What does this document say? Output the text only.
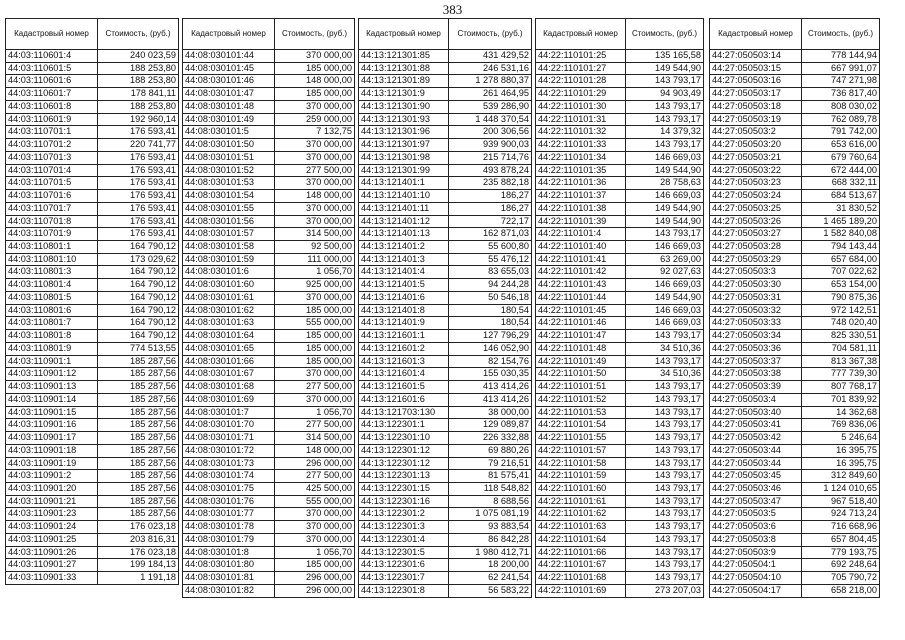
383
Кадастровый номер	Стоимость, (руб.)
44:03:110601:4	240 023,59
44:03:110601:5	188 253,80
44:03:110601:6	188 253,80
44:03:110601:7	178 841,11
44:03:110601:8	188 253,80
44:03:110601:9	192 960,14
44:03:110701:1	176 593,41
44:03:110701:2	220 741,77
44:03:110701:3	176 593,41
44:03:110701:4	176 593,41
44:03:110701:5	176 593,41
44:03:110701:6	176 593,41
44:03:110701:7	176 593,41
44:03:110701:8	176 593,41
44:03:110701:9	176 593,41
44:03:110801:1	164 790,12
44:03:110801:10	173 029,62
44:03:110801:3	164 790,12
44:03:110801:4	164 790,12
44:03:110801:5	164 790,12
44:03:110801:6	164 790,12
44:03:110801:7	164 790,12
44:03:110801:8	164 790,12
44:03:110801:9	774 513,55
44:03:110901:1	185 287,56
44:03:110901:12	185 287,56
44:03:110901:13	185 287,56
44:03:110901:14	185 287,56
44:03:110901:15	185 287,56
44:03:110901:16	185 287,56
44:03:110901:17	185 287,56
44:03:110901:18	185 287,56
44:03:110901:19	185 287,56
44:03:110901:2	185 287,56
44:03:110901:20	185 287,56
44:03:110901:21	185 287,56
44:03:110901:23	185 287,56
44:03:110901:24	176 023,18
44:03:110901:25	203 816,31
44:03:110901:26	176 023,18
44:03:110901:27	199 184,13
44:03:110901:33	1 191,18
Кадастровый номер	Стоимость, (руб.)
44:08:030101:44	370 000,00
44:08:030101:45	185 000,00
44:08:030101:46	148 000,00
44:08:030101:47	185 000,00
44:08:030101:48	370 000,00
44:08:030101:49	259 000,00
44:08:030101:5	7 132,75
44:08:030101:50	370 000,00
44:08:030101:51	370 000,00
44:08:030101:52	277 500,00
44:08:030101:53	370 000,00
44:08:030101:54	148 000,00
44:08:030101:55	370 000,00
44:08:030101:56	370 000,00
44:08:030101:57	314 500,00
44:08:030101:58	92 500,00
44:08:030101:59	111 000,00
44:08:030101:6	1 056,70
44:08:030101:60	925 000,00
44:08:030101:61	370 000,00
44:08:030101:62	185 000,00
44:08:030101:63	555 000,00
44:08:030101:64	185 000,00
44:08:030101:65	185 000,00
44:08:030101:66	185 000,00
44:08:030101:67	370 000,00
44:08:030101:68	277 500,00
44:08:030101:69	370 000,00
44:08:030101:7	1 056,70
44:08:030101:70	277 500,00
44:08:030101:71	314 500,00
44:08:030101:72	148 000,00
44:08:030101:73	296 000,00
44:08:030101:74	277 500,00
44:08:030101:75	425 500,00
44:08:030101:76	555 000,00
44:08:030101:77	370 000,00
44:08:030101:78	370 000,00
44:08:030101:79	370 000,00
44:08:030101:8	1 056,70
44:08:030101:80	185 000,00
44:08:030101:81	296 000,00
44:08:030101:82	296 000,00
Кадастровый номер	Стоимость, (руб.)
44:13:121301:85	431 429,52
44:13:121301:88	246 531,16
44:13:121301:89	1 278 880,37
44:13:121301:9	261 464,95
44:13:121301:90	539 286,90
44:13:121301:93	1 448 370,54
44:13:121301:96	200 306,56
44:13:121301:97	939 900,03
44:13:121301:98	215 714,76
44:13:121301:99	493 878,24
44:13:121401:1	235 882,18
44:13:121401:10	186,27
44:13:121401:11	186,27
44:13:121401:12	722,17
44:13:121401:13	162 871,03
44:13:121401:2	55 600,80
44:13:121401:3	55 476,12
44:13:121401:4	83 655,03
44:13:121401:5	94 244,28
44:13:121401:6	50 546,18
44:13:121401:8	180,54
44:13:121401:9	180,54
44:13:121601:1	127 796,29
44:13:121601:2	146 052,90
44:13:121601:3	82 154,76
44:13:121601:4	155 030,35
44:13:121601:5	413 414,26
44:13:121601:6	413 414,26
44:13:121703:130	38 000,00
44:13:122301:1	129 089,87
44:13:122301:10	226 332,88
44:13:122301:12	69 880,26
44:13:122301:12	79 216,51
44:13:122301:13	81 575,41
44:13:122301:15	118 548,82
44:13:122301:16	8 688,56
44:13:122301:2	1 075 081,19
44:13:122301:3	93 883,54
44:13:122301:4	86 842,28
44:13:122301:5	1 980 412,71
44:13:122301:6	18 200,00
44:13:122301:7	62 241,54
44:13:122301:8	56 583,22
Кадастровый номер	Стоимость, (руб.)
44:22:110101:25	135 165,58
44:22:110101:27	149 544,90
44:22:110101:28	143 793,17
44:22:110101:29	94 903,49
44:22:110101:30	143 793,17
44:22:110101:31	143 793,17
44:22:110101:32	14 379,32
44:22:110101:33	143 793,17
44:22:110101:34	146 669,03
44:22:110101:35	149 544,90
44:22:110101:36	28 758,63
44:22:110101:37	146 669,03
44:22:110101:38	149 544,90
44:22:110101:39	149 544,90
44:22:110101:4	143 793,17
44:22:110101:40	146 669,03
44:22:110101:41	63 269,00
44:22:110101:42	92 027,63
44:22:110101:43	146 669,03
44:22:110101:44	149 544,90
44:22:110101:45	146 669,03
44:22:110101:46	146 669,03
44:22:110101:47	143 793,17
44:22:110101:48	34 510,36
44:22:110101:49	143 793,17
44:22:110101:50	34 510,36
44:22:110101:51	143 793,17
44:22:110101:52	143 793,17
44:22:110101:53	143 793,17
44:22:110101:54	143 793,17
44:22:110101:55	143 793,17
44:22:110101:57	143 793,17
44:22:110101:58	143 793,17
44:22:110101:59	143 793,17
44:22:110101:60	143 793,17
44:22:110101:61	143 793,17
44:22:110101:62	143 793,17
44:22:110101:63	143 793,17
44:22:110101:64	143 793,17
44:22:110101:66	143 793,17
44:22:110101:67	143 793,17
44:22:110101:68	143 793,17
44:22:110101:69	273 207,03
Кадастровый номер	Стоимость, (руб.)
44:27:050503:14	778 144,94
44:27:050503:15	667 991,07
44:27:050503:16	747 271,98
44:27:050503:17	736 817,40
44:27:050503:18	808 030,02
44:27:050503:19	762 089,78
44:27:050503:2	791 742,00
44:27:050503:20	653 616,00
44:27:050503:21	679 760,64
44:27:050503:22	672 444,00
44:27:050503:23	668 332,11
44:27:050503:24	684 513,67
44:27:050503:25	31 830,52
44:27:050503:26	1 465 189,20
44:27:050503:27	1 582 840,08
44:27:050503:28	794 143,44
44:27:050503:29	657 684,00
44:27:050503:3	707 022,62
44:27:050503:30	653 154,00
44:27:050503:31	790 875,36
44:27:050503:32	972 142,51
44:27:050503:33	748 020,40
44:27:050503:34	825 330,51
44:27:050503:36	704 581,11
44:27:050503:37	813 367,38
44:27:050503:38	777 739,30
44:27:050503:39	807 768,17
44:27:050503:4	701 839,92
44:27:050503:40	14 362,68
44:27:050503:41	769 836,06
44:27:050503:42	5 246,64
44:27:050503:44	16 395,75
44:27:050503:44	16 395,75
44:27:050503:45	312 849,60
44:27:050503:46	1 124 010,65
44:27:050503:47	967 518,40
44:27:050503:5	924 713,24
44:27:050503:6	716 668,96
44:27:050503:8	657 804,45
44:27:050503:9	779 193,75
44:27:050504:1	692 248,64
44:27:050504:10	705 790,72
44:27:050504:17	658 218,00
